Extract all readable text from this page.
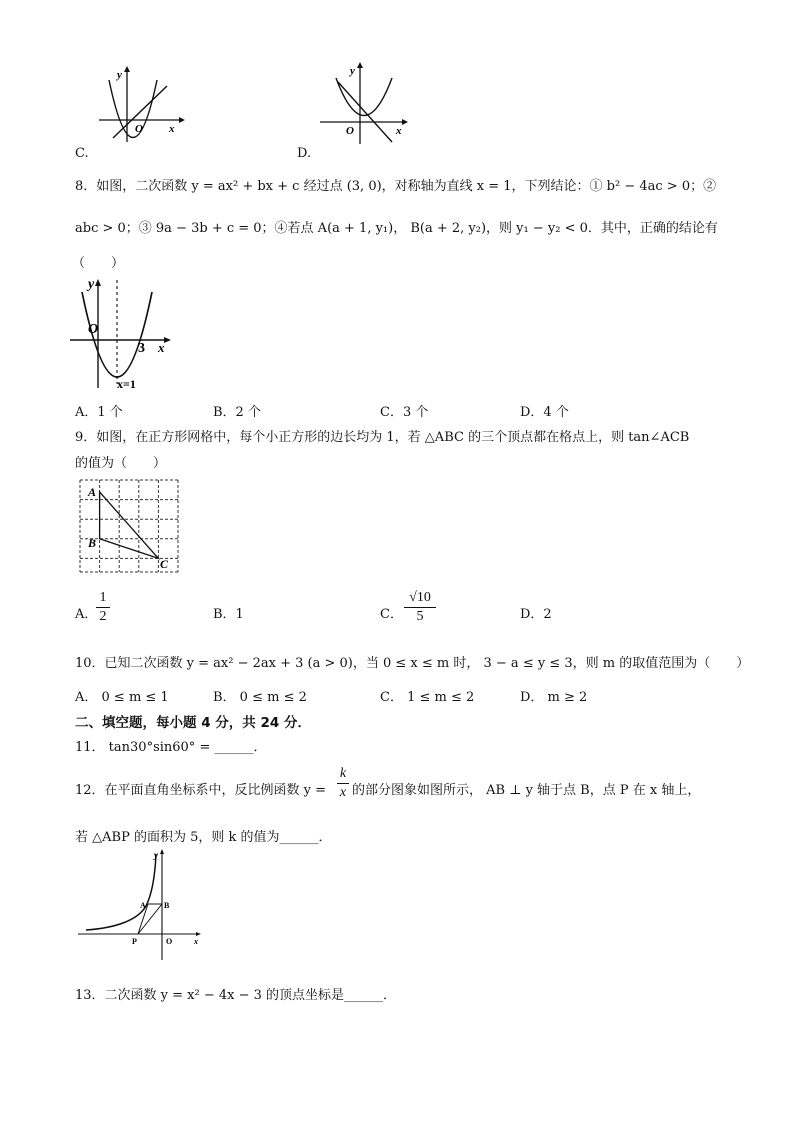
y
O x
C.
y
O	x
D.
8．如图，二次函数 y = ax² + bx + c 经过点 (3, 0)，对称轴为直线 x = 1，下列结论：① b² − 4ac > 0；②
abc > 0；③ 9a − 3b + c = 0；④若点 A(a + 1, y₁)， B(a + 2, y₂)，则 y₁ − y₂ < 0．其中，正确的结论有
（　　）
y
O
3 x
x=1
A．1 个	B．2 个	C．3 个	D．4 个
9．如图，在正方形网格中，每个小正方形的边长均为 1，若 △ABC 的三个顶点都在格点上，则 tan∠ACB
的值为（　　）
A
B
C
A．
1
2	B．1	C．
√10
5	D．2
10．已知二次函数 y = ax² − 2ax + 3 (a > 0)，当 0 ≤ x ≤ m 时， 3 − a ≤ y ≤ 3，则 m 的取值范围为（　　）
A． 0 ≤ m ≤ 1	B． 0 ≤ m ≤ 2	C． 1 ≤ m ≤ 2	D． m ≥ 2
二、填空题，每小题 4 分，共 24 分．
11． tan30°sin60° = ______．
12．在平面直角坐标系中，反比例函数 y =
k
x 的部分图象如图所示， AB ⊥ y 轴于点 B，点 P 在 x 轴上，
若 △ABP 的面积为 5，则 k 的值为______．
y
A B
P	O	x
13．二次函数 y = x² − 4x − 3 的顶点坐标是______．
